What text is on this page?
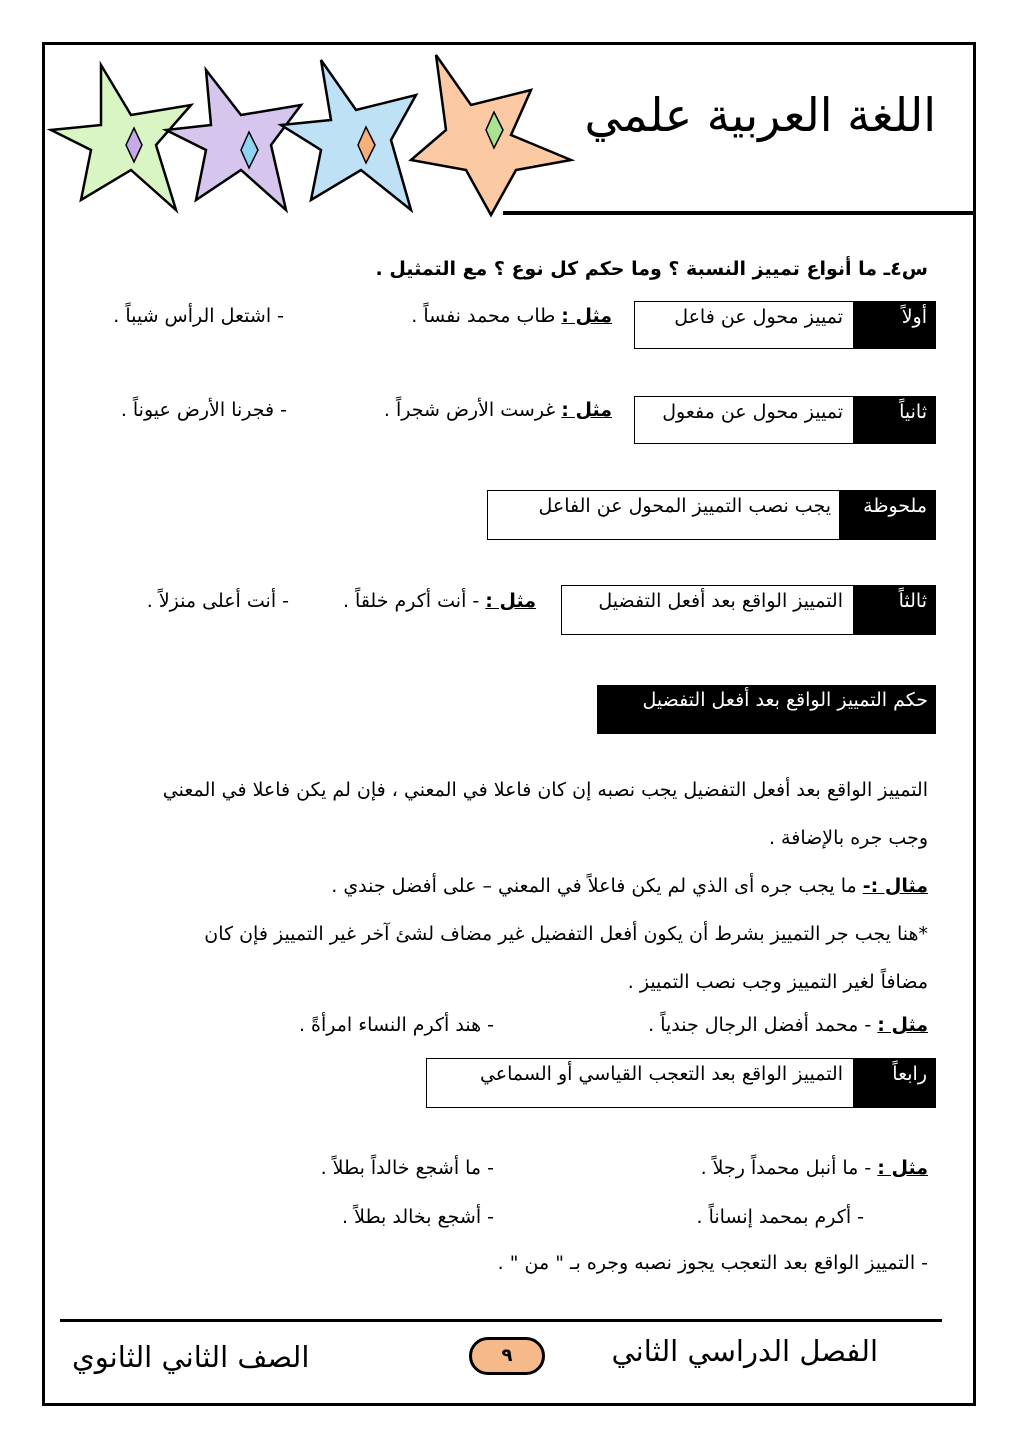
اللغة العربية علمي
س٤ـ ما أنواع تمييز النسبة ؟ وما حكم كل نوع ؟ مع التمثيل .
أولاً
تمييز محول عن فاعل
مثل : طاب محمد نفساً .
- اشتعل الرأس شيباً .
ثانياً
تمييز محول عن مفعول
مثل : غرست الأرض شجراً .
- فجرنا الأرض عيوناً .
ملحوظة
يجب نصب التمييز المحول عن الفاعل
ثالثاً
التمييز الواقع بعد أفعل التفضيل
مثل : - أنت أكرم خلقاً .
- أنت أعلى منزلاً .
حكم التمييز الواقع بعد أفعل التفضيل
التمييز الواقع بعد أفعل التفضيل يجب نصبه إن كان فاعلا في المعني ، فإن لم يكن فاعلا في المعني
وجب جره بالإضافة .
مثال :- ما يجب جره أى الذي لم يكن فاعلاً في المعني – على أفضل جندي .
*هنا يجب جر التمييز بشرط أن يكون أفعل التفضيل غير مضاف لشئ آخر غير التمييز فإن كان
مضافاً لغير التمييز وجب نصب التمييز .
مثل : - محمد أفضل الرجال جندياً .
- هند أكرم النساء امرأةً .
رابعاً
التمييز الواقع بعد التعجب القياسي أو السماعي
مثل : - ما أنبل محمداً رجلاً .
- ما أشجع خالداً بطلاً .
- أكرم بمحمد إنساناً .
- أشجع بخالد بطلاً .
- التمييز الواقع بعد التعجب يجوز نصبه وجره بـ " من " .
الفصل الدراسي الثاني
٩
الصف الثاني الثانوي
